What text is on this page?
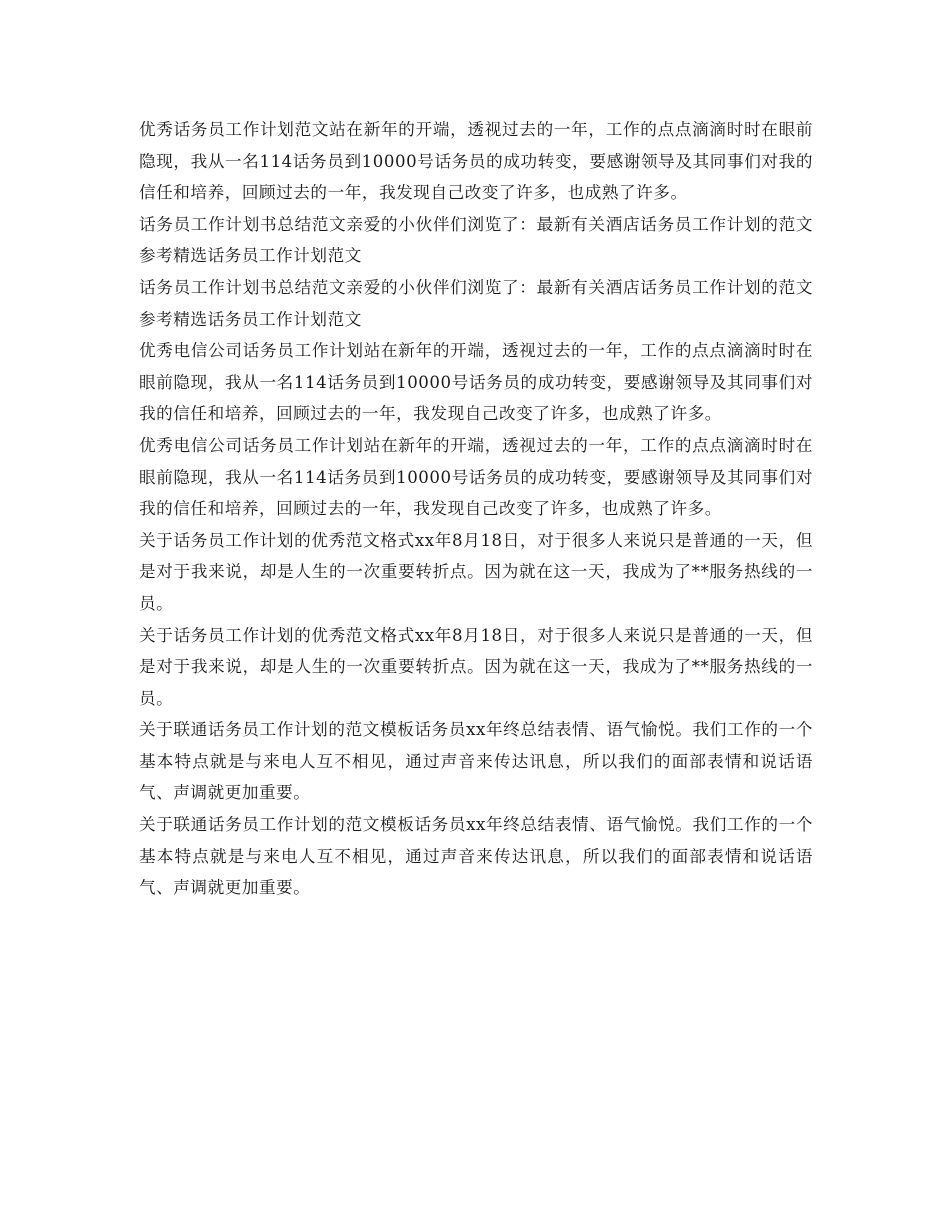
优秀话务员工作计划范文站在新年的开端，透视过去的一年，工作的点点滴滴时时在眼前隐现，我从一名114话务员到10000号话务员的成功转变，要感谢领导及其同事们对我的信任和培养，回顾过去的一年，我发现自己改变了许多，也成熟了许多。

话务员工作计划书总结范文亲爱的小伙伴们浏览了：最新有关酒店话务员工作计划的范文参考精选话务员工作计划范文

话务员工作计划书总结范文亲爱的小伙伴们浏览了：最新有关酒店话务员工作计划的范文参考精选话务员工作计划范文

优秀电信公司话务员工作计划站在新年的开端，透视过去的一年，工作的点点滴滴时时在眼前隐现，我从一名114话务员到10000号话务员的成功转变，要感谢领导及其同事们对我的信任和培养，回顾过去的一年，我发现自己改变了许多，也成熟了许多。

优秀电信公司话务员工作计划站在新年的开端，透视过去的一年，工作的点点滴滴时时在眼前隐现，我从一名114话务员到10000号话务员的成功转变，要感谢领导及其同事们对我的信任和培养，回顾过去的一年，我发现自己改变了许多，也成熟了许多。

关于话务员工作计划的优秀范文格式xx年8月18日，对于很多人来说只是普通的一天，但是对于我来说，却是人生的一次重要转折点。因为就在这一天，我成为了**服务热线的一员。

关于话务员工作计划的优秀范文格式xx年8月18日，对于很多人来说只是普通的一天，但是对于我来说，却是人生的一次重要转折点。因为就在这一天，我成为了**服务热线的一员。

关于联通话务员工作计划的范文模板话务员xx年终总结表情、语气愉悦。我们工作的一个基本特点就是与来电人互不相见，通过声音来传达讯息，所以我们的面部表情和说话语气、声调就更加重要。

关于联通话务员工作计划的范文模板话务员xx年终总结表情、语气愉悦。我们工作的一个基本特点就是与来电人互不相见，通过声音来传达讯息，所以我们的面部表情和说话语气、声调就更加重要。
